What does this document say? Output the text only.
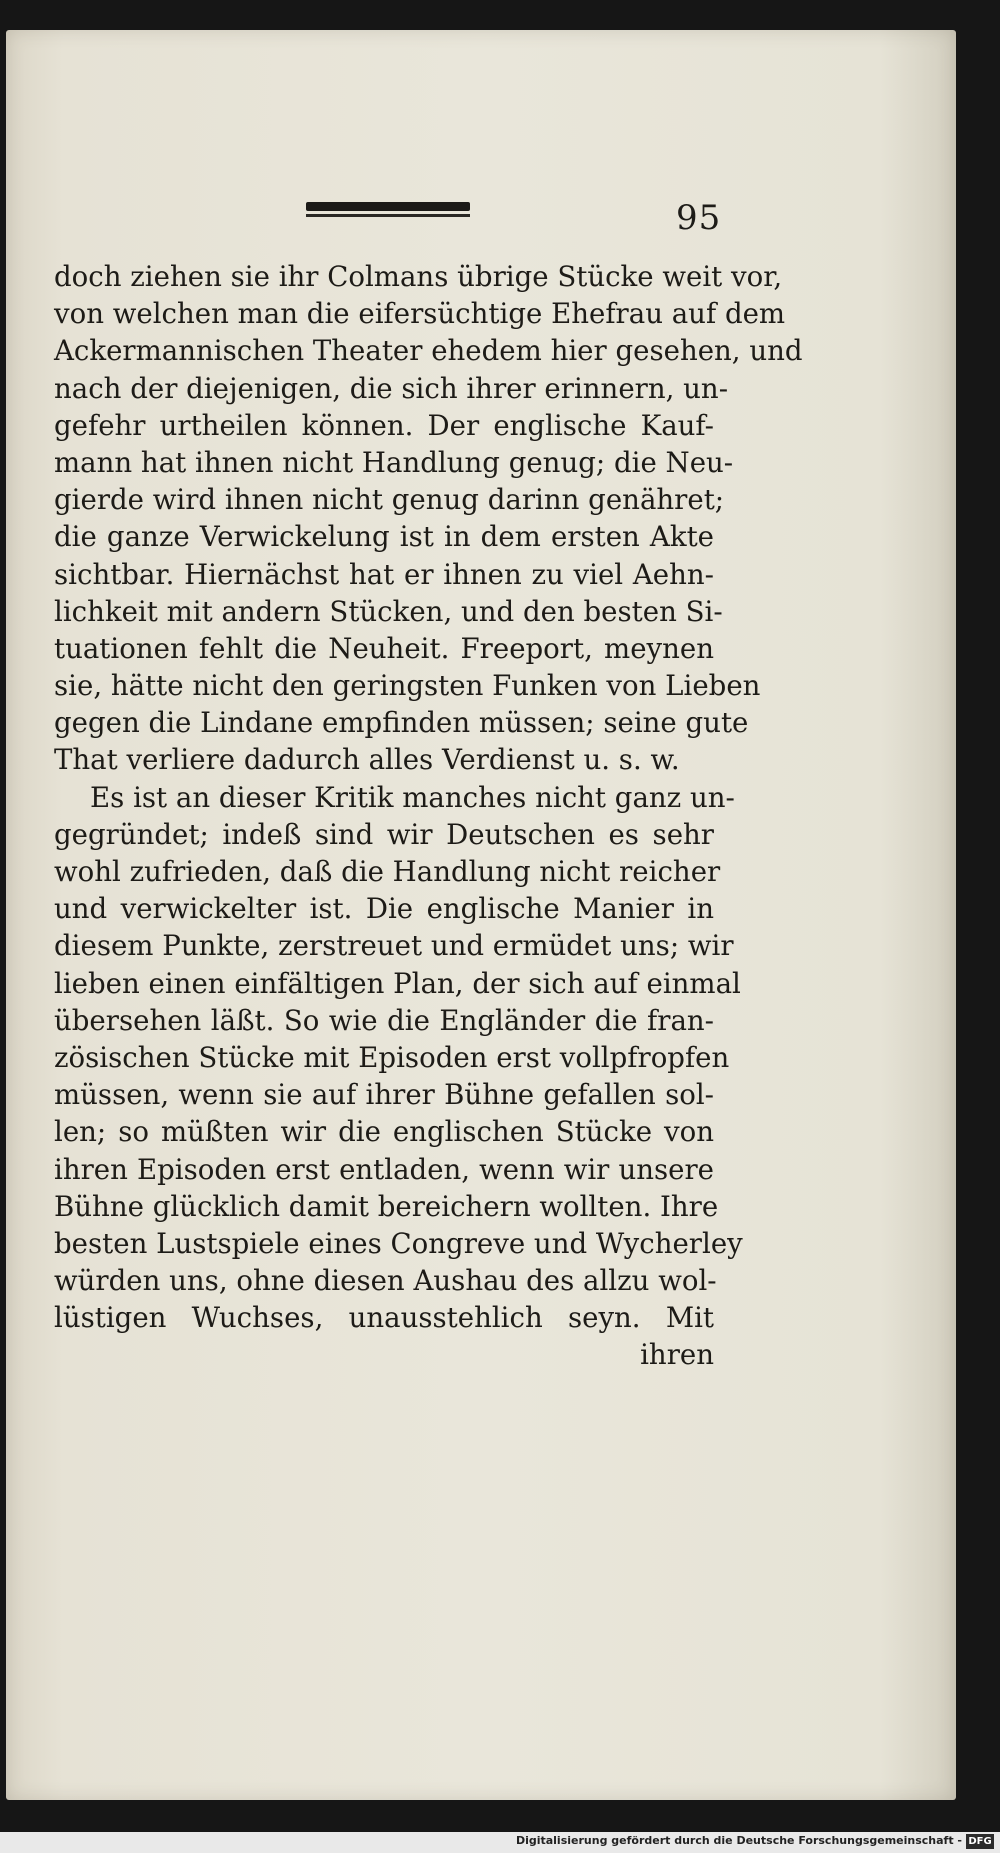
95
doch ziehen sie ihr Colmans übrige Stücke weit vor,
von welchen man die eifersüchtige Ehefrau auf dem
Ackermannischen Theater ehedem hier gesehen, und
nach der diejenigen, die sich ihrer erinnern, un-
gefehr urtheilen können. Der englische Kauf-
mann hat ihnen nicht Handlung genug; die Neu-
gierde wird ihnen nicht genug darinn genähret;
die ganze Verwickelung ist in dem ersten Akte
sichtbar. Hiernächst hat er ihnen zu viel Aehn-
lichkeit mit andern Stücken, und den besten Si-
tuationen fehlt die Neuheit. Freeport, meynen
sie, hätte nicht den geringsten Funken von Lieben
gegen die Lindane empfinden müssen; seine gute
That verliere dadurch alles Verdienst u. s. w.
Es ist an dieser Kritik manches nicht ganz un-
gegründet; indeß sind wir Deutschen es sehr
wohl zufrieden, daß die Handlung nicht reicher
und verwickelter ist. Die englische Manier in
diesem Punkte, zerstreuet und ermüdet uns; wir
lieben einen einfältigen Plan, der sich auf einmal
übersehen läßt. So wie die Engländer die fran-
zösischen Stücke mit Episoden erst vollpfropfen
müssen, wenn sie auf ihrer Bühne gefallen sol-
len; so müßten wir die englischen Stücke von
ihren Episoden erst entladen, wenn wir unsere
Bühne glücklich damit bereichern wollten. Ihre
besten Lustspiele eines Congreve und Wycherley
würden uns, ohne diesen Aushau des allzu wol-
lüstigen Wuchses, unausstehlich seyn. Mit
ihren
Digitalisierung gefördert durch die Deutsche Forschungsgemeinschaft - DFG
